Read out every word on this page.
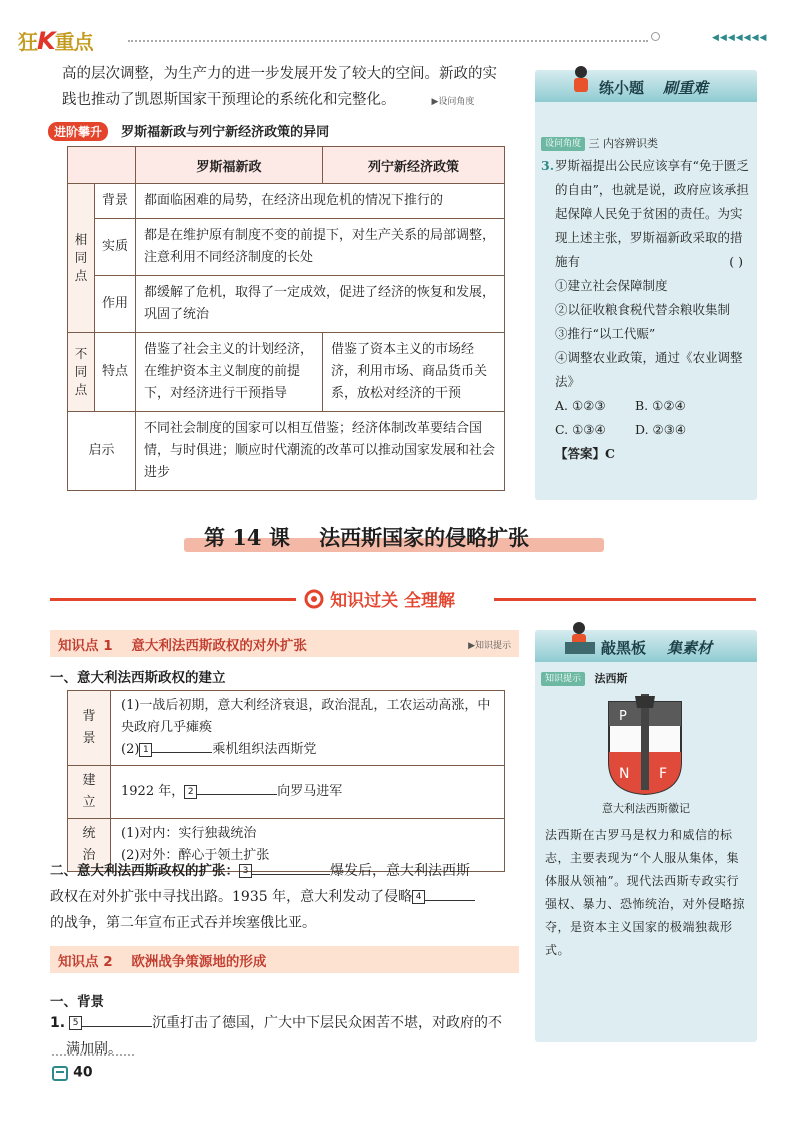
狂K重点	◀◀◀◀◀◀◀

高的层次调整，为生产力的进一步发展开发了较大的空间。新政的实

践也推动了凯恩斯国家干预理论的系统化和完整化。	▶设问角度

进阶攀升 罗斯福新政与列宁新经济政策的异同
		罗斯福新政	列宁新经济政策
相同点	背景	都面临困难的局势，在经济出现危机的情况下推行的	
	实质	都是在维护原有制度不变的前提下，对生产关系的局部调整，注意利用不同经济制度的长处	
	作用	都缓解了危机，取得了一定成效，促进了经济的恢复和发展，巩固了统治	
不同点	特点	借鉴了社会主义的计划经济，在维护资本主义制度的前提下，对经济进行干预指导	借鉴了资本主义的市场经济，利用市场、商品货币关系，放松对经济的干预
启示		不同社会制度的国家可以相互借鉴；经济体制改革要结合国情，与时俱进；顺应时代潮流的改革可以推动国家发展和社会进步	
练小题 刷重难
设问角度 三 内容辨识类
3. 罗斯福提出公民应该享有“免于匮乏的自由”，也就是说，政府应该承担起保障人民免于贫困的责任。为实现上述主张，罗斯福新政采取的措施有	( )
①建立社会保障制度
②以征收粮食税代替余粮收集制
③推行“以工代赈”
④调整农业政策，通过《农业调整法》
A. ①②③ B. ①②④
C. ①③④ D. ②③④
【答案】C
第 14 课    法西斯国家的侵略扩张
知识过关 全理解
知识点 1    意大利法西斯政权的对外扩张	▶知识提示
一、意大利法西斯政权的建立
背景	(1)一战后初期，意大利经济衰退，政治混乱，工农运动高涨，中央政府几乎瘫痪
(2) 1 乘机组织法西斯党

建立	1922 年， 2 向罗马进军
统治	(1)对内：实行独裁统治
(2)对外：醉心于领土扩张
二、意大利法西斯政权的扩张： 3	爆发后，意大利法西斯
政权在对外扩张中寻找出路。1935 年，意大利发动了侵略 4
的战争，第二年宣布正式吞并埃塞俄比亚。
知识点 2    欧洲战争策源地的形成
一、背景
1. 5	沉重打击了德国，广大中下层民众困苦不堪，对政府的不
满加剧。
敲黑板 集素材
知识提示 法西斯
P
N F
意大利法西斯徽记
法西斯在古罗马是权力和威信的标志，主要表现为“个人服从集体，集体服从领袖”。现代法西斯专政实行强权、暴力、恐怖统治，对外侵略掠夺，是资本主义国家的极端独裁形式。
40
